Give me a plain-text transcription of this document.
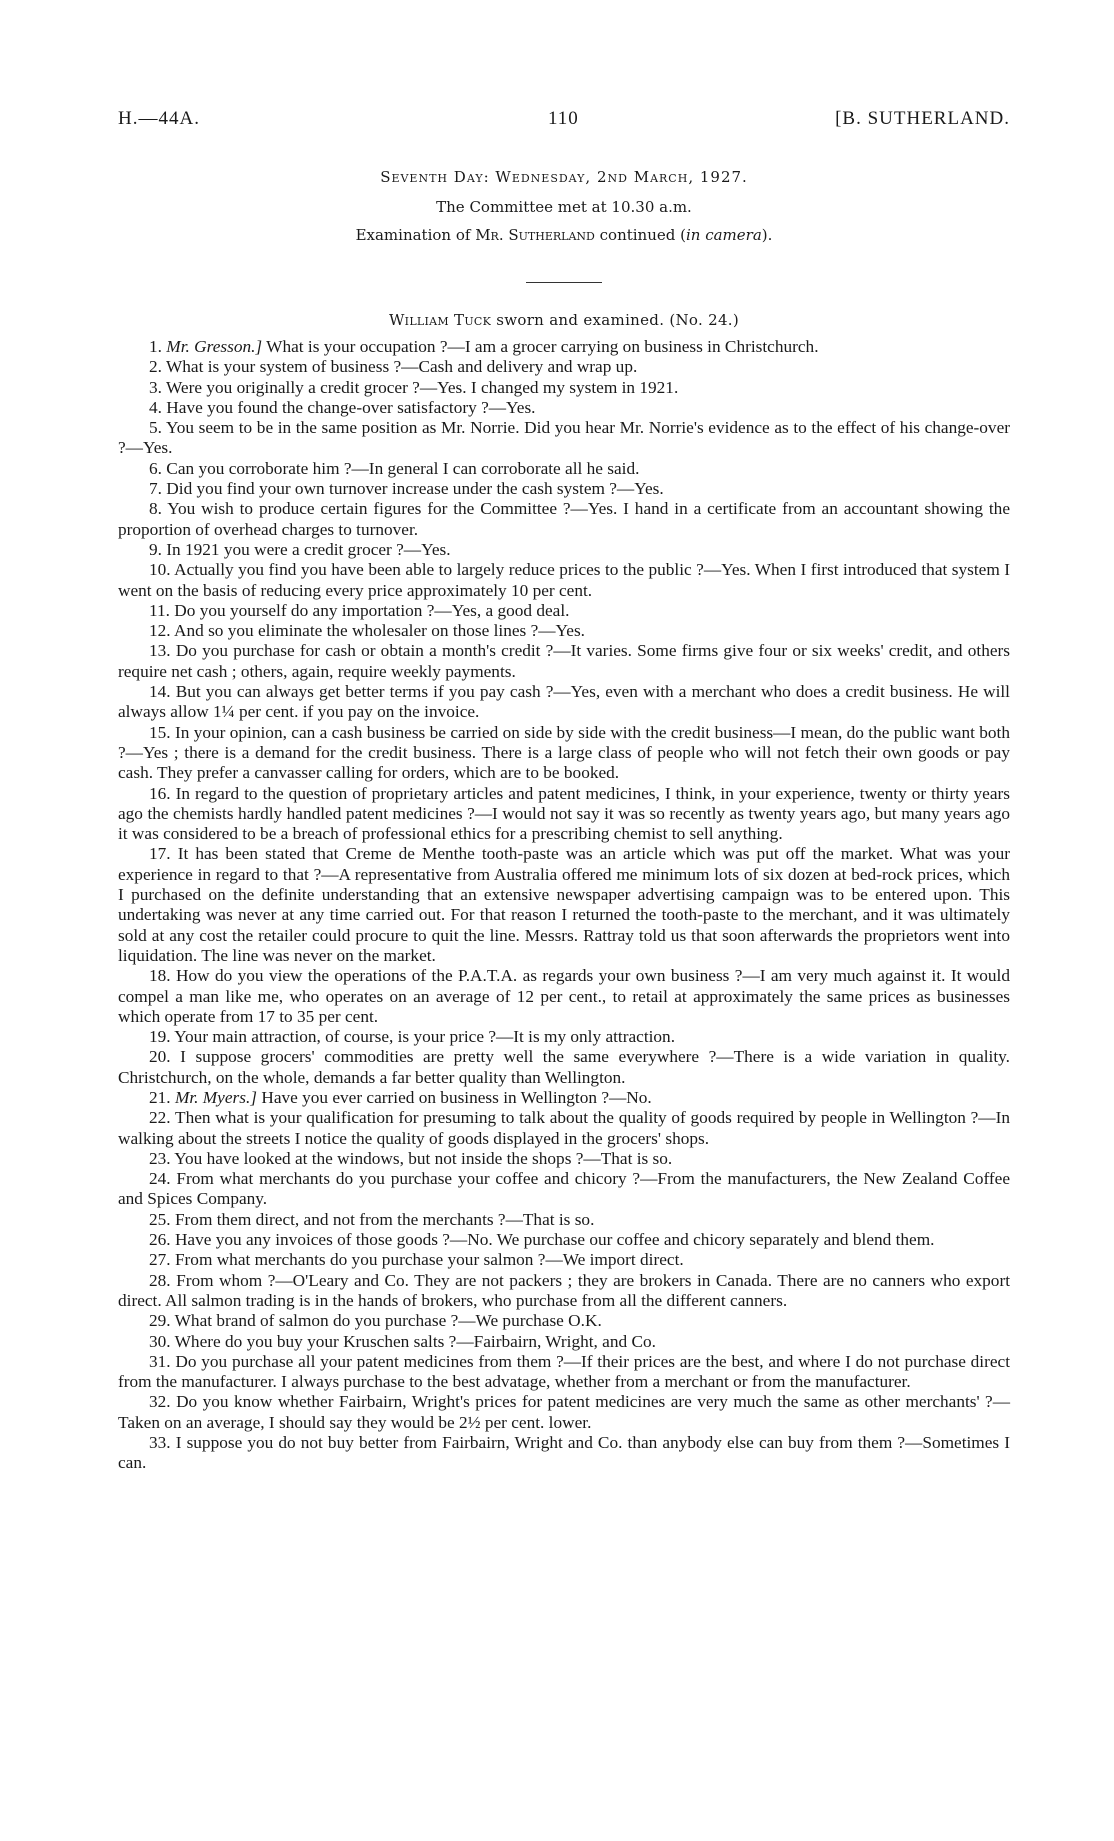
H.—44A.	110	[B. SUTHERLAND.
Seventh Day: Wednesday, 2nd March, 1927.
The Committee met at 10.30 a.m.
Examination of Mr. Sutherland continued (in camera).
William Tuck sworn and examined. (No. 24.)

1. Mr. Gresson.] What is your occupation ?—I am a grocer carrying on business in Christchurch.

2. What is your system of business ?—Cash and delivery and wrap up.

3. Were you originally a credit grocer ?—Yes. I changed my system in 1921.

4. Have you found the change-over satisfactory ?—Yes.

5. You seem to be in the same position as Mr. Norrie. Did you hear Mr. Norrie's evidence as to the effect of his change-over ?—Yes.

6. Can you corroborate him ?—In general I can corroborate all he said.

7. Did you find your own turnover increase under the cash system ?—Yes.

8. You wish to produce certain figures for the Committee ?—Yes. I hand in a certificate from an accountant showing the proportion of overhead charges to turnover.

9. In 1921 you were a credit grocer ?—Yes.

10. Actually you find you have been able to largely reduce prices to the public ?—Yes. When I first introduced that system I went on the basis of reducing every price approximately 10 per cent.

11. Do you yourself do any importation ?—Yes, a good deal.

12. And so you eliminate the wholesaler on those lines ?—Yes.

13. Do you purchase for cash or obtain a month's credit ?—It varies. Some firms give four or six weeks' credit, and others require net cash ; others, again, require weekly payments.

14. But you can always get better terms if you pay cash ?—Yes, even with a merchant who does a credit business. He will always allow 1¼ per cent. if you pay on the invoice.

15. In your opinion, can a cash business be carried on side by side with the credit business—I mean, do the public want both ?—Yes ; there is a demand for the credit business. There is a large class of people who will not fetch their own goods or pay cash. They prefer a canvasser calling for orders, which are to be booked.

16. In regard to the question of proprietary articles and patent medicines, I think, in your experience, twenty or thirty years ago the chemists hardly handled patent medicines ?—I would not say it was so recently as twenty years ago, but many years ago it was considered to be a breach of professional ethics for a prescribing chemist to sell anything.

17. It has been stated that Creme de Menthe tooth-paste was an article which was put off the market. What was your experience in regard to that ?—A representative from Australia offered me minimum lots of six dozen at bed-rock prices, which I purchased on the definite understanding that an extensive newspaper advertising campaign was to be entered upon. This undertaking was never at any time carried out. For that reason I returned the tooth-paste to the merchant, and it was ultimately sold at any cost the retailer could procure to quit the line. Messrs. Rattray told us that soon afterwards the proprietors went into liquidation. The line was never on the market.

18. How do you view the operations of the P.A.T.A. as regards your own business ?—I am very much against it. It would compel a man like me, who operates on an average of 12 per cent., to retail at approximately the same prices as businesses which operate from 17 to 35 per cent.

19. Your main attraction, of course, is your price ?—It is my only attraction.

20. I suppose grocers' commodities are pretty well the same everywhere ?—There is a wide variation in quality. Christchurch, on the whole, demands a far better quality than Wellington.

21. Mr. Myers.] Have you ever carried on business in Wellington ?—No.

22. Then what is your qualification for presuming to talk about the quality of goods required by people in Wellington ?—In walking about the streets I notice the quality of goods displayed in the grocers' shops.

23. You have looked at the windows, but not inside the shops ?—That is so.

24. From what merchants do you purchase your coffee and chicory ?—From the manufacturers, the New Zealand Coffee and Spices Company.

25. From them direct, and not from the merchants ?—That is so.

26. Have you any invoices of those goods ?—No. We purchase our coffee and chicory separately and blend them.

27. From what merchants do you purchase your salmon ?—We import direct.

28. From whom ?—O'Leary and Co. They are not packers ; they are brokers in Canada. There are no canners who export direct. All salmon trading is in the hands of brokers, who purchase from all the different canners.

29. What brand of salmon do you purchase ?—We purchase O.K.

30. Where do you buy your Kruschen salts ?—Fairbairn, Wright, and Co.

31. Do you purchase all your patent medicines from them ?—If their prices are the best, and where I do not purchase direct from the manufacturer. I always purchase to the best advatage, whether from a merchant or from the manufacturer.

32. Do you know whether Fairbairn, Wright's prices for patent medicines are very much the same as other merchants' ?—Taken on an average, I should say they would be 2½ per cent. lower.

33. I suppose you do not buy better from Fairbairn, Wright and Co. than anybody else can buy from them ?—Sometimes I can.
